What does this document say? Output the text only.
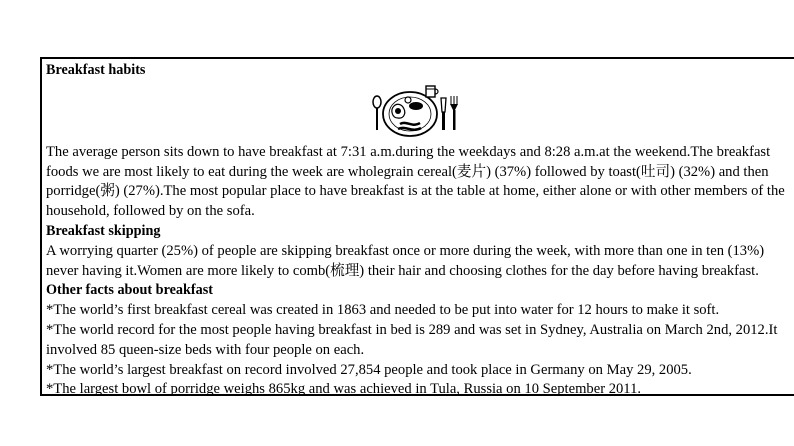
Breakfast habits

The average person sits down to have breakfast at 7:31 a.m.during the weekdays and 8:28 a.m.at the weekend.The breakfast foods we are most likely to eat during the week are wholegrain cereal(麦片) (37%) followed by toast(吐司) (32%) and then porridge(粥) (27%).The most popular place to have breakfast is at the table at home, either alone or with other members of the household, followed by on the sofa.

Breakfast skipping

A worrying quarter (25%) of people are skipping breakfast once or more during the week, with more than one in ten (13%) never having it.Women are more likely to comb(梳理) their hair and choosing clothes for the day before having breakfast.

Other facts about breakfast

*The world’s first breakfast cereal was created in 1863 and needed to be put into water for 12 hours to make it soft.

*The world record for the most people having breakfast in bed is 289 and was set in Sydney, Australia on March 2nd, 2012.It involved 85 queen-size beds with four people on each.

*The world’s largest breakfast on record involved 27,854 people and took place in Germany on May 29, 2005.

*The largest bowl of porridge weighs 865kg and was achieved in Tula, Russia on 10 September 2011.
